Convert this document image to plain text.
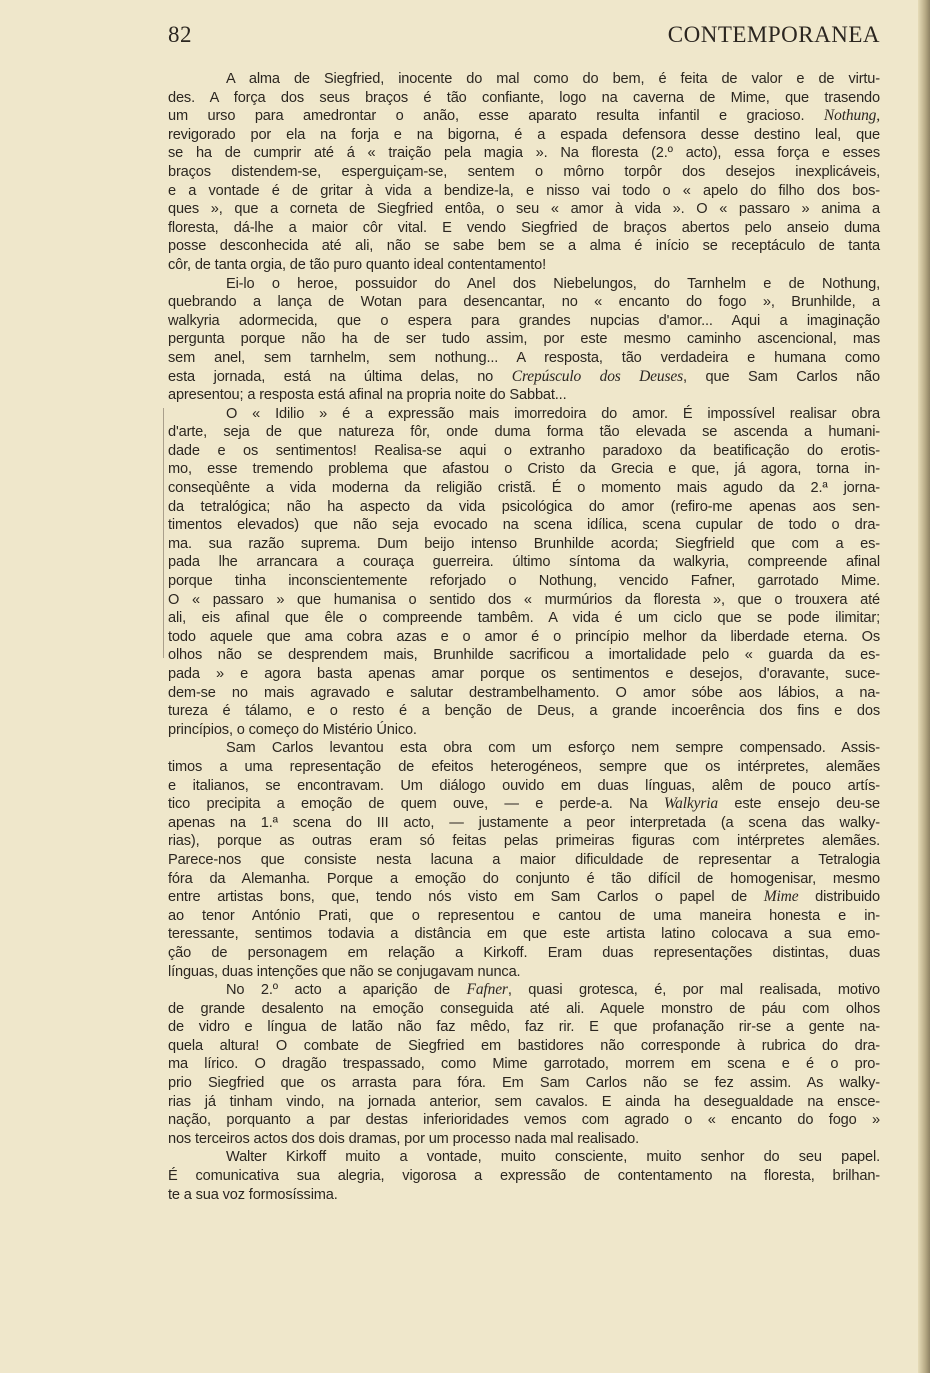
82	CONTEMPORANEA
A alma de Siegfried, inocente do mal como do bem, é feita de valor e de virtu-
des. A força dos seus braços é tão confiante, logo na caverna de Mime, que trasendo
um urso para amedrontar o anão, esse aparato resulta infantil e gracioso. Nothung,
revigorado por ela na forja e na bigorna, é a espada defensora desse destino leal, que
se ha de cumprir até á « traição pela magia ». Na floresta (2.º acto), essa força e esses
braços distendem-se, esperguiçam-se, sentem o môrno torpôr dos desejos inexplicáveis,
e a vontade é de gritar à vida a bendize-la, e nisso vai todo o « apelo do filho dos bos-
ques », que a corneta de Siegfried entôa, o seu « amor à vida ». O « passaro » anima a
floresta, dá-lhe a maior côr vital. E vendo Siegfried de braços abertos pelo anseio duma
posse desconhecida até ali, não se sabe bem se a alma é início se receptáculo de tanta
côr, de tanta orgia, de tão puro quanto ideal contentamento!
Ei-lo o heroe, possuidor do Anel dos Niebelungos, do Tarnhelm e de Nothung,
quebrando a lança de Wotan para desencantar, no « encanto do fogo », Brunhilde, a
walkyria adormecida, que o espera para grandes nupcias d'amor... Aqui a imaginação
pergunta porque não ha de ser tudo assim, por este mesmo caminho ascencional, mas
sem anel, sem tarnhelm, sem nothung... A resposta, tão verdadeira e humana como
esta jornada, está na última delas, no Crepúsculo dos Deuses, que Sam Carlos não
apresentou; a resposta está afinal na propria noite do Sabbat...
O « Idilio » é a expressão mais imorredoira do amor. É impossível realisar obra
d'arte, seja de que natureza fôr, onde duma forma tão elevada se ascenda a humani-
dade e os sentimentos! Realisa-se aqui o extranho paradoxo da beatificação do erotis-
mo, esse tremendo problema que afastou o Cristo da Grecia e que, já agora, torna in-
conseqùênte a vida moderna da religião cristã. É o momento mais agudo da 2.ª jorna-
da tetralógica; não ha aspecto da vida psicológica do amor (refiro-me apenas aos sen-
timentos elevados) que não seja evocado na scena idílica, scena cupular de todo o dra-
ma. sua razão suprema. Dum beijo intenso Brunhilde acorda; Siegfrield que com a es-
pada lhe arrancara a couraça guerreira. último síntoma da walkyria, compreende afinal
porque tinha inconscientemente reforjado o Nothung, vencido Fafner, garrotado Mime.
O « passaro » que humanisa o sentido dos « murmúrios da floresta », que o trouxera até
ali, eis afinal que êle o compreende tambêm. A vida é um ciclo que se pode ilimitar;
todo aquele que ama cobra azas e o amor é o princípio melhor da liberdade eterna. Os
olhos não se desprendem mais, Brunhilde sacrificou a imortalidade pelo « guarda da es-
pada » e agora basta apenas amar porque os sentimentos e desejos, d'oravante, suce-
dem-se no mais agravado e salutar destrambelhamento. O amor sóbe aos lábios, a na-
tureza é tálamo, e o resto é a benção de Deus, a grande incoerência dos fins e dos
princípios, o começo do Mistério Único.
Sam Carlos levantou esta obra com um esforço nem sempre compensado. Assis-
timos a uma representação de efeitos heterogéneos, sempre que os intérpretes, alemães
e italianos, se encontravam. Um diálogo ouvido em duas línguas, alêm de pouco artís-
tico precipita a emoção de quem ouve, — e perde-a. Na Walkyria este ensejo deu-se
apenas na 1.ª scena do III acto, — justamente a peor interpretada (a scena das walky-
rias), porque as outras eram só feitas pelas primeiras figuras com intérpretes alemães.
Parece-nos que consiste nesta lacuna a maior dificuldade de representar a Tetralogia
fóra da Alemanha. Porque a emoção do conjunto é tão difícil de homogenisar, mesmo
entre artistas bons, que, tendo nós visto em Sam Carlos o papel de Mime distribuido
ao tenor António Prati, que o representou e cantou de uma maneira honesta e in-
teressante, sentimos todavia a distância em que este artista latino colocava a sua emo-
ção de personagem em relação a Kirkoff. Eram duas representações distintas, duas
línguas, duas intenções que não se conjugavam nunca.
No 2.º acto a aparição de Fafner, quasi grotesca, é, por mal realisada, motivo
de grande desalento na emoção conseguida até ali. Aquele monstro de páu com olhos
de vidro e língua de latão não faz mêdo, faz rir. E que profanação rir-se a gente na-
quela altura! O combate de Siegfried em bastidores não corresponde à rubrica do dra-
ma lírico. O dragão trespassado, como Mime garrotado, morrem em scena e é o pro-
prio Siegfried que os arrasta para fóra. Em Sam Carlos não se fez assim. As walky-
rias já tinham vindo, na jornada anterior, sem cavalos. E ainda ha desegualdade na ensce-
nação, porquanto a par destas inferioridades vemos com agrado o « encanto do fogo »
nos terceiros actos dos dois dramas, por um processo nada mal realisado.
Walter Kirkoff muito a vontade, muito consciente, muito senhor do seu papel.
É comunicativa sua alegria, vigorosa a expressão de contentamento na floresta, brilhan-
te a sua voz formosíssima.
